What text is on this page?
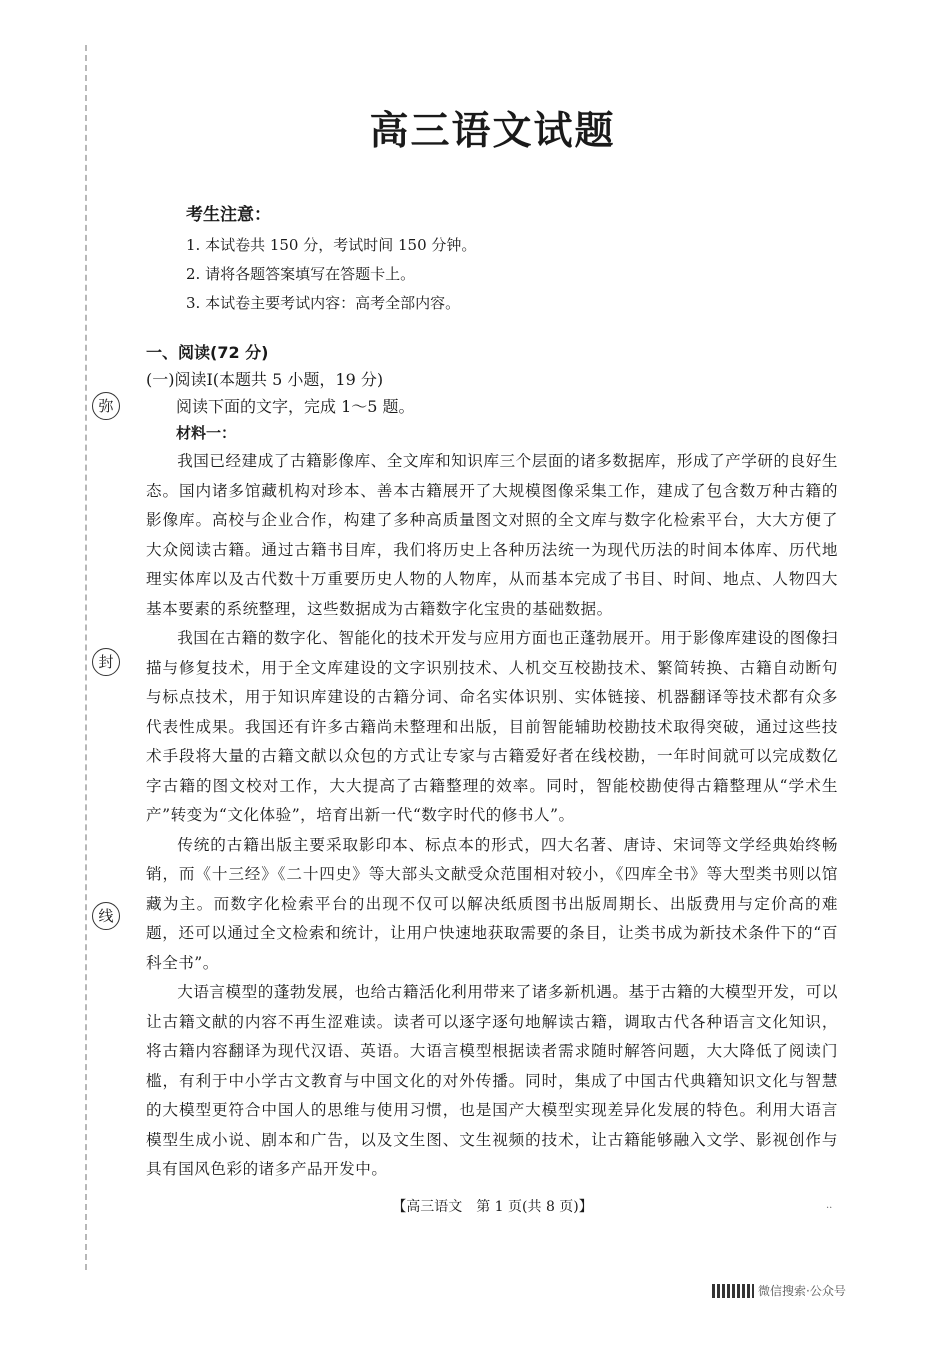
弥
封
线
高三语文试题
考生注意：
1. 本试卷共 150 分，考试时间 150 分钟。
2. 请将各题答案填写在答题卡上。
3. 本试卷主要考试内容：高考全部内容。
一、阅读(72 分)
(一)阅读Ⅰ(本题共 5 小题，19 分)
阅读下面的文字，完成 1～5 题。
材料一：

我国已经建成了古籍影像库、全文库和知识库三个层面的诸多数据库，形成了产学研的良好生态。国内诸多馆藏机构对珍本、善本古籍展开了大规模图像采集工作，建成了包含数万种古籍的影像库。高校与企业合作，构建了多种高质量图文对照的全文库与数字化检索平台，大大方便了大众阅读古籍。通过古籍书目库，我们将历史上各种历法统一为现代历法的时间本体库、历代地理实体库以及古代数十万重要历史人物的人物库，从而基本完成了书目、时间、地点、人物四大基本要素的系统整理，这些数据成为古籍数字化宝贵的基础数据。

我国在古籍的数字化、智能化的技术开发与应用方面也正蓬勃展开。用于影像库建设的图像扫描与修复技术，用于全文库建设的文字识别技术、人机交互校勘技术、繁简转换、古籍自动断句与标点技术，用于知识库建设的古籍分词、命名实体识别、实体链接、机器翻译等技术都有众多代表性成果。我国还有许多古籍尚未整理和出版，目前智能辅助校勘技术取得突破，通过这些技术手段将大量的古籍文献以众包的方式让专家与古籍爱好者在线校勘，一年时间就可以完成数亿字古籍的图文校对工作，大大提高了古籍整理的效率。同时，智能校勘使得古籍整理从“学术生产”转变为“文化体验”，培育出新一代“数字时代的修书人”。

传统的古籍出版主要采取影印本、标点本的形式，四大名著、唐诗、宋词等文学经典始终畅销，而《十三经》《二十四史》等大部头文献受众范围相对较小，《四库全书》等大型类书则以馆藏为主。而数字化检索平台的出现不仅可以解决纸质图书出版周期长、出版费用与定价高的难题，还可以通过全文检索和统计，让用户快速地获取需要的条目，让类书成为新技术条件下的“百科全书”。

大语言模型的蓬勃发展，也给古籍活化利用带来了诸多新机遇。基于古籍的大模型开发，可以让古籍文献的内容不再生涩难读。读者可以逐字逐句地解读古籍，调取古代各种语言文化知识，将古籍内容翻译为现代汉语、英语。大语言模型根据读者需求随时解答问题，大大降低了阅读门槛，有利于中小学古文教育与中国文化的对外传播。同时，集成了中国古代典籍知识文化与智慧的大模型更符合中国人的思维与使用习惯，也是国产大模型实现差异化发展的特色。利用大语言模型生成小说、剧本和广告，以及文生图、文生视频的技术，让古籍能够融入文学、影视创作与具有国风色彩的诸多产品开发中。

【高三语文　第 1 页(共 8 页)】	..
微信搜索·公众号
